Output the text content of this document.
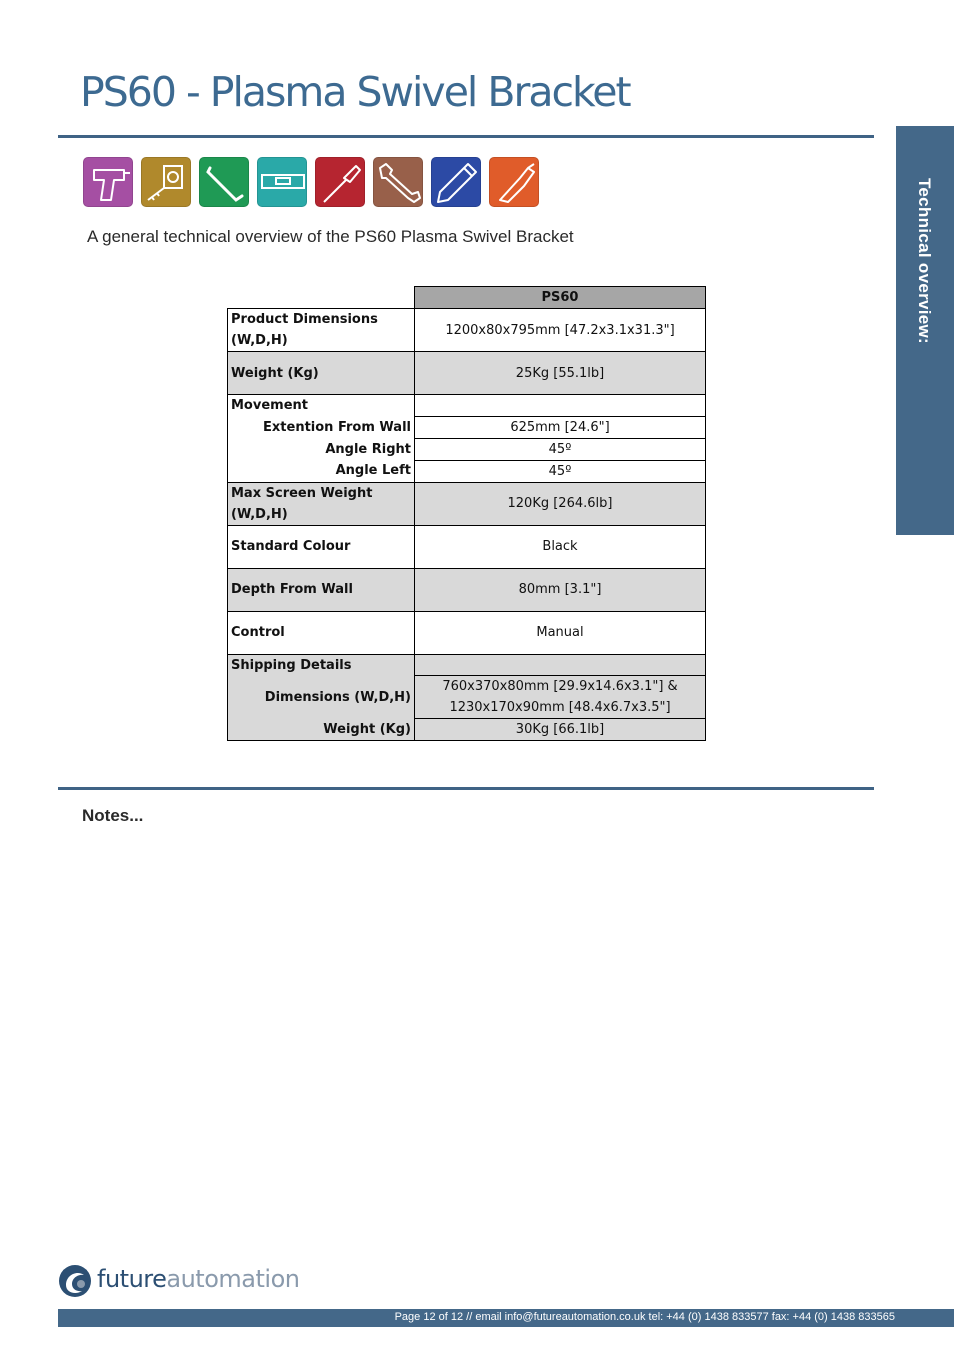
PS60 - Plasma Swivel Bracket
Technical overview:

A general technical overview of the PS60 Plasma Swivel Bracket

	PS60
Product Dimensions (W,D,H)	1200x80x795mm [47.2x3.1x31.3"]
Weight (Kg)	25Kg [55.1lb]
Movement	
Extention From Wall	625mm [24.6"]
Angle Right	45º
Angle Left	45º
Max Screen Weight (W,D,H)	120Kg [264.6lb]
Standard Colour	Black
Depth From Wall	80mm [3.1"]
Control	Manual
Shipping Details	
Dimensions (W,D,H)	760x370x80mm [29.9x14.6x3.1"] &
1230x170x90mm [48.4x6.7x3.5"]

Weight (Kg)	30Kg [66.1lb]

Notes...

futureautomation
Page 12 of 12 // email info@futureautomation.co.uk tel: +44 (0) 1438 833577 fax: +44 (0) 1438 833565
